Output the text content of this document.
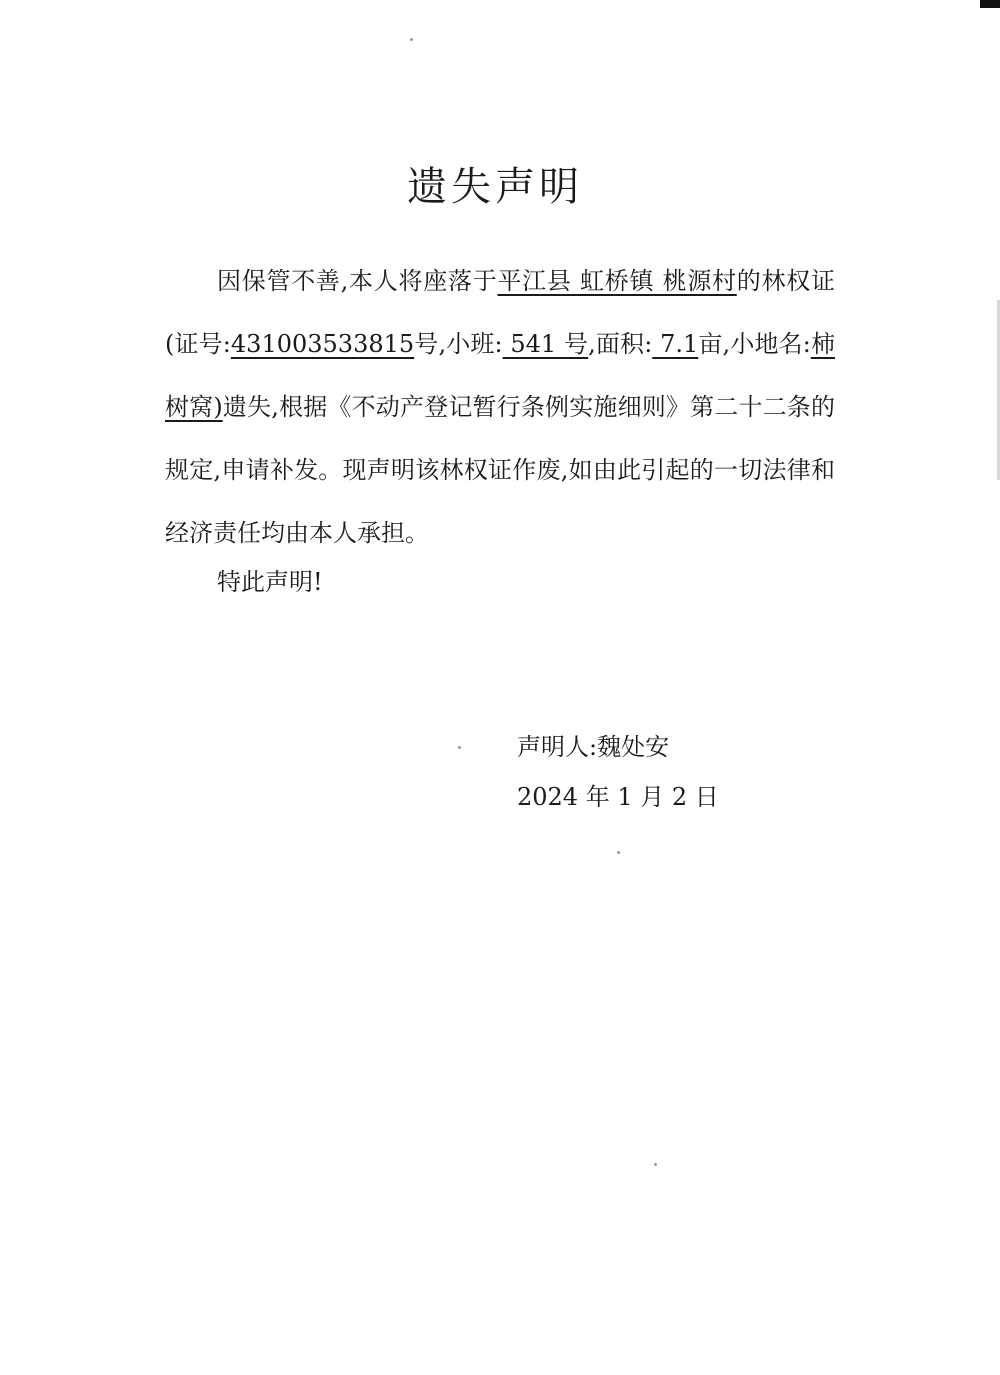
遗失声明

因保管不善,本人将座落于平江县 虹桥镇 桃源村的林权证(证号:431003533815号,小班: 541 号,面积: 7.1亩,小地名:柿树窝)遗失,根据《不动产登记暂行条例实施细则》第二十二条的规定,申请补发。现声明该林权证作废,如由此引起的一切法律和经济责任均由本人承担。

特此声明!
声明人:魏处安
2024 年 1 月 2 日
